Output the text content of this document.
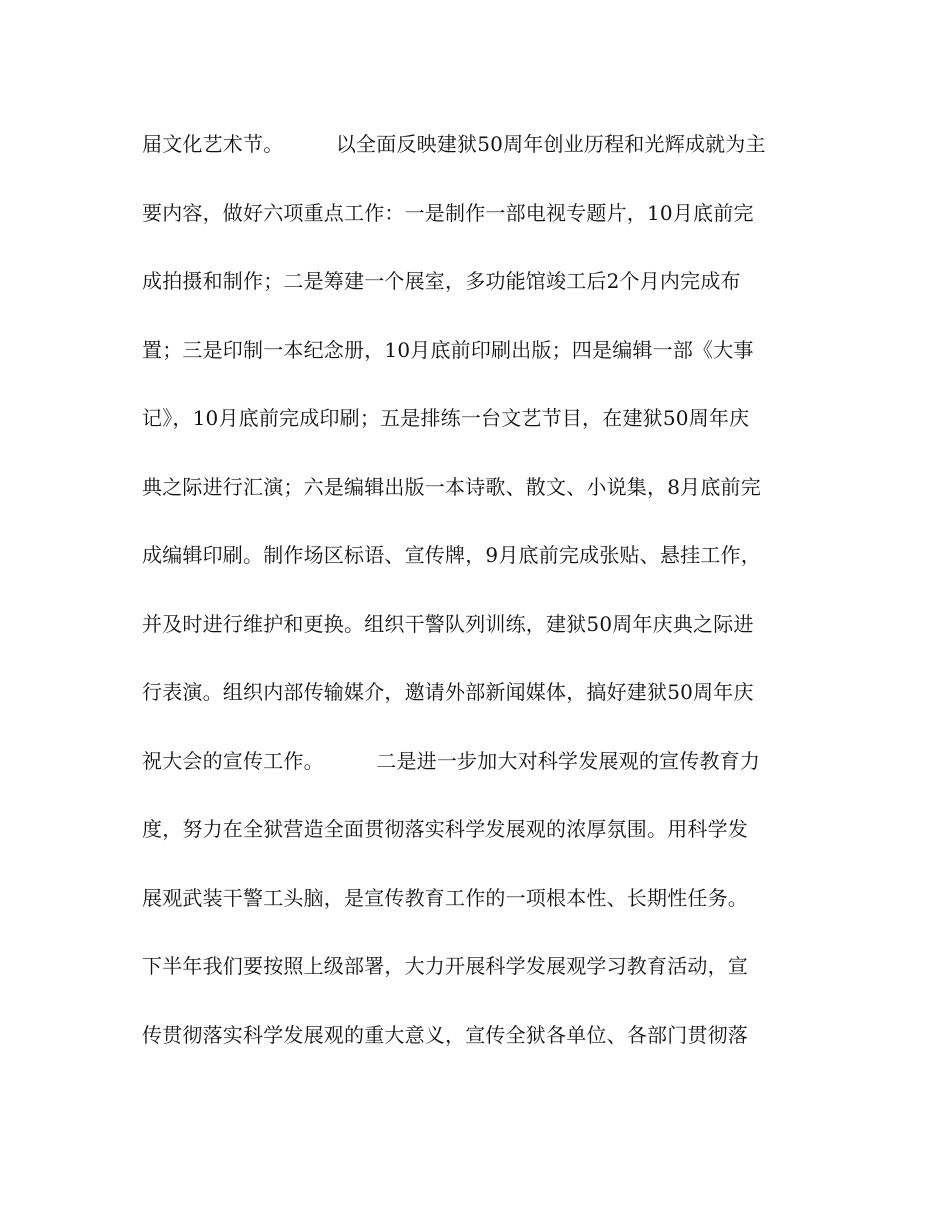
届文化艺术节。        以全面反映建狱50周年创业历程和光辉成就为主
要内容，做好六项重点工作：一是制作一部电视专题片，10月底前完
成拍摄和制作；二是筹建一个展室，多功能馆竣工后2个月内完成布
置；三是印制一本纪念册，10月底前印刷出版；四是编辑一部《大事
记》，10月底前完成印刷；五是排练一台文艺节目，在建狱50周年庆
典之际进行汇演；六是编辑出版一本诗歌、散文、小说集，8月底前完
成编辑印刷。制作场区标语、宣传牌，9月底前完成张贴、悬挂工作，
并及时进行维护和更换。组织干警队列训练，建狱50周年庆典之际进
行表演。组织内部传输媒介，邀请外部新闻媒体，搞好建狱50周年庆
祝大会的宣传工作。        二是进一步加大对科学发展观的宣传教育力
度，努力在全狱营造全面贯彻落实科学发展观的浓厚氛围。用科学发
展观武装干警工头脑，是宣传教育工作的一项根本性、长期性任务。
下半年我们要按照上级部署，大力开展科学发展观学习教育活动，宣
传贯彻落实科学发展观的重大意义，宣传全狱各单位、各部门贯彻落
